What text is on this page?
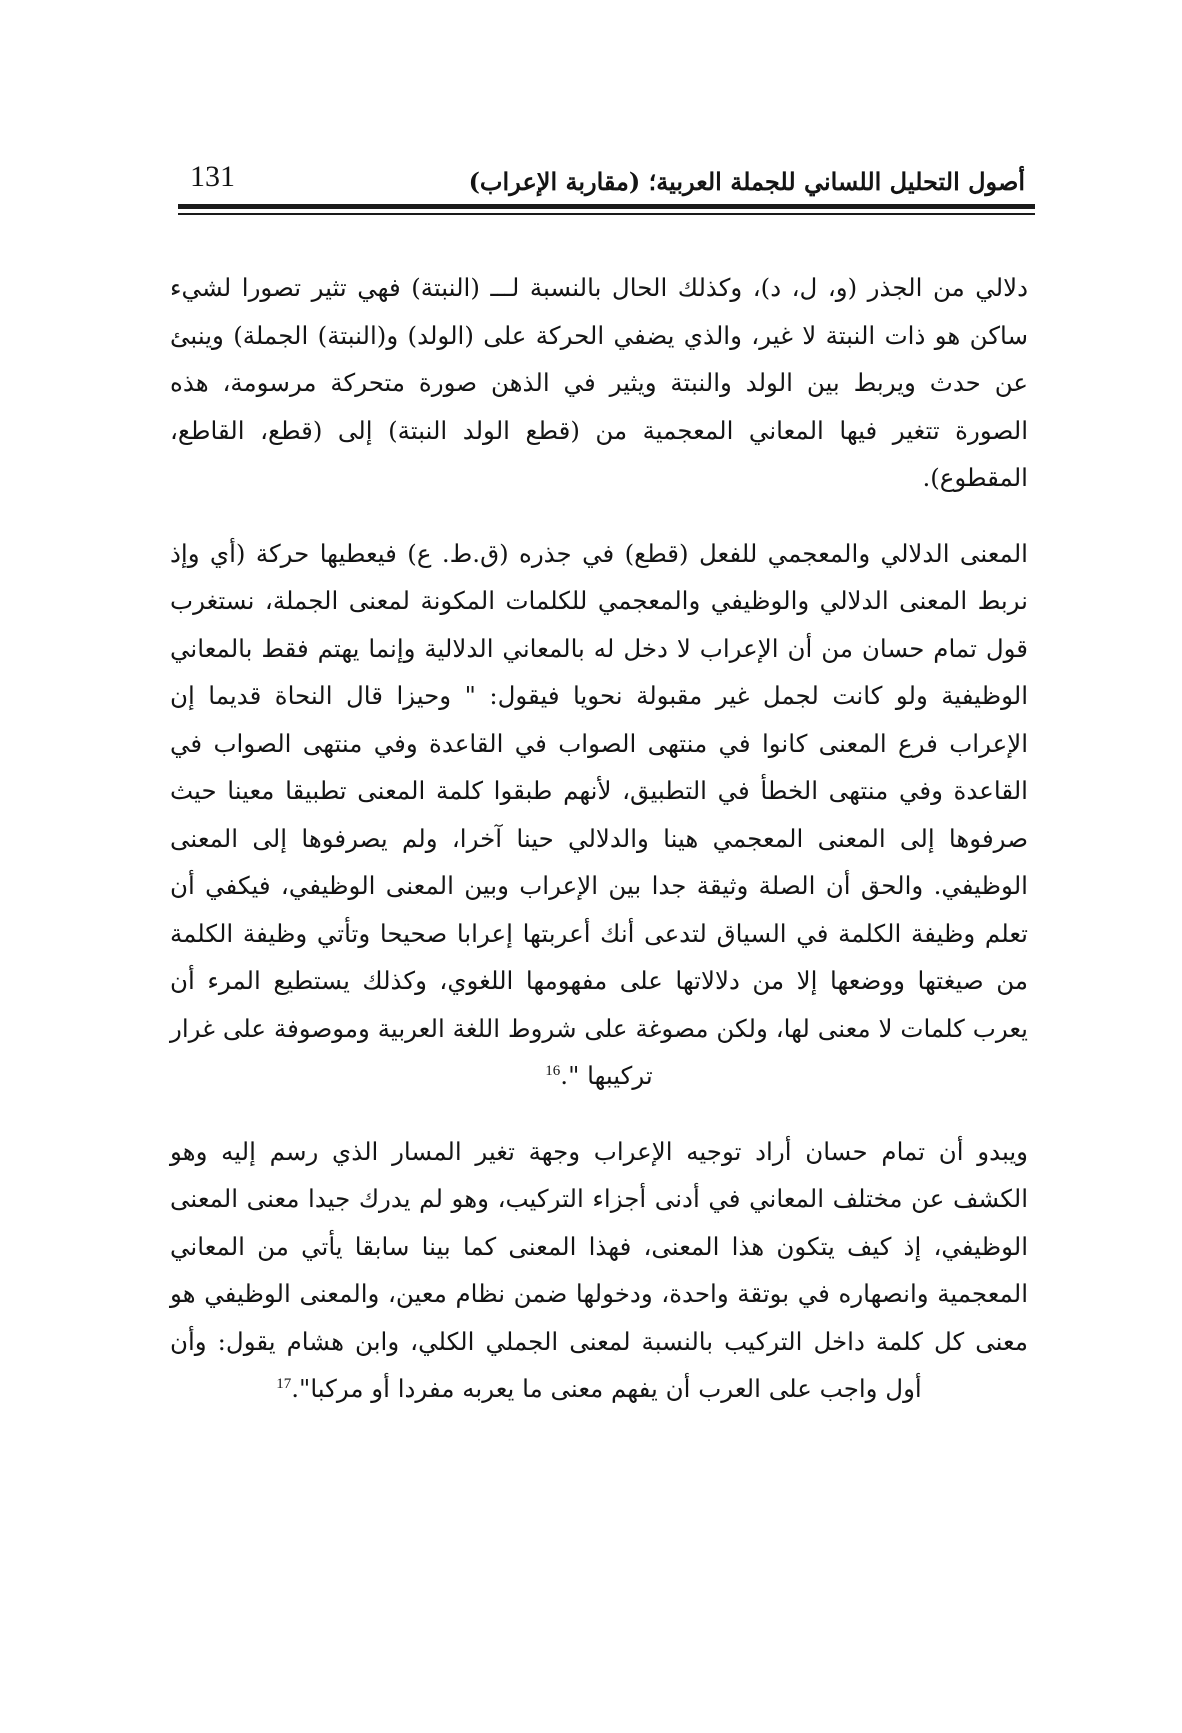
أصول التحليل اللساني للجملة العربية؛ (مقاربة الإعراب)
131

دلالي من الجذر (و، ل، د)، وكذلك الحال بالنسبة لـــ (النبتة) فهي تثير تصورا لشيء ساكن هو ذات النبتة لا غير، والذي يضفي الحركة على (الولد) و(النبتة) الجملة) وينبئ عن حدث ويربط بين الولد والنبتة ويثير في الذهن صورة متحركة مرسومة، هذه الصورة تتغير فيها المعاني المعجمية من (قطع الولد النبتة) إلى (قطع، القاطع، المقطوع).

المعنى الدلالي والمعجمي للفعل (قطع) في جذره (ق.ط. ع) فيعطيها حركة (أي وإذ نربط المعنى الدلالي والوظيفي والمعجمي للكلمات المكونة لمعنى الجملة، نستغرب قول تمام حسان من أن الإعراب لا دخل له بالمعاني الدلالية وإنما يهتم فقط بالمعاني الوظيفية ولو كانت لجمل غير مقبولة نحويا فيقول: " وحيزا قال النحاة قديما إن الإعراب فرع المعنى كانوا في منتهى الصواب في القاعدة وفي منتهى الصواب في القاعدة وفي منتهى الخطأ في التطبيق، لأنهم طبقوا كلمة المعنى تطبيقا معينا حيث صرفوها إلى المعنى المعجمي هينا والدلالي حينا آخرا، ولم يصرفوها إلى المعنى الوظيفي. والحق أن الصلة وثيقة جدا بين الإعراب وبين المعنى الوظيفي، فيكفي أن تعلم وظيفة الكلمة في السياق لتدعى أنك أعربتها إعرابا صحيحا وتأتي وظيفة الكلمة من صيغتها ووضعها إلا من دلالاتها على مفهومها اللغوي، وكذلك يستطيع المرء أن يعرب كلمات لا معنى لها، ولكن مصوغة على شروط اللغة العربية وموصوفة على غرار تركيبها ".$^{16}$

ويبدو أن تمام حسان أراد توجيه الإعراب وجهة تغير المسار الذي رسم إليه وهو الكشف عن مختلف المعاني في أدنى أجزاء التركيب، وهو لم يدرك جيدا معنى المعنى الوظيفي، إذ كيف يتكون هذا المعنى، فهذا المعنى كما بينا سابقا يأتي من المعاني المعجمية وانصهاره في بوتقة واحدة، ودخولها ضمن نظام معين، والمعنى الوظيفي هو معنى كل كلمة داخل التركيب بالنسبة لمعنى الجملي الكلي، وابن هشام يقول: وأن أول واجب على العرب أن يفهم معنى ما يعربه مفردا أو مركبا".$^{17}$
